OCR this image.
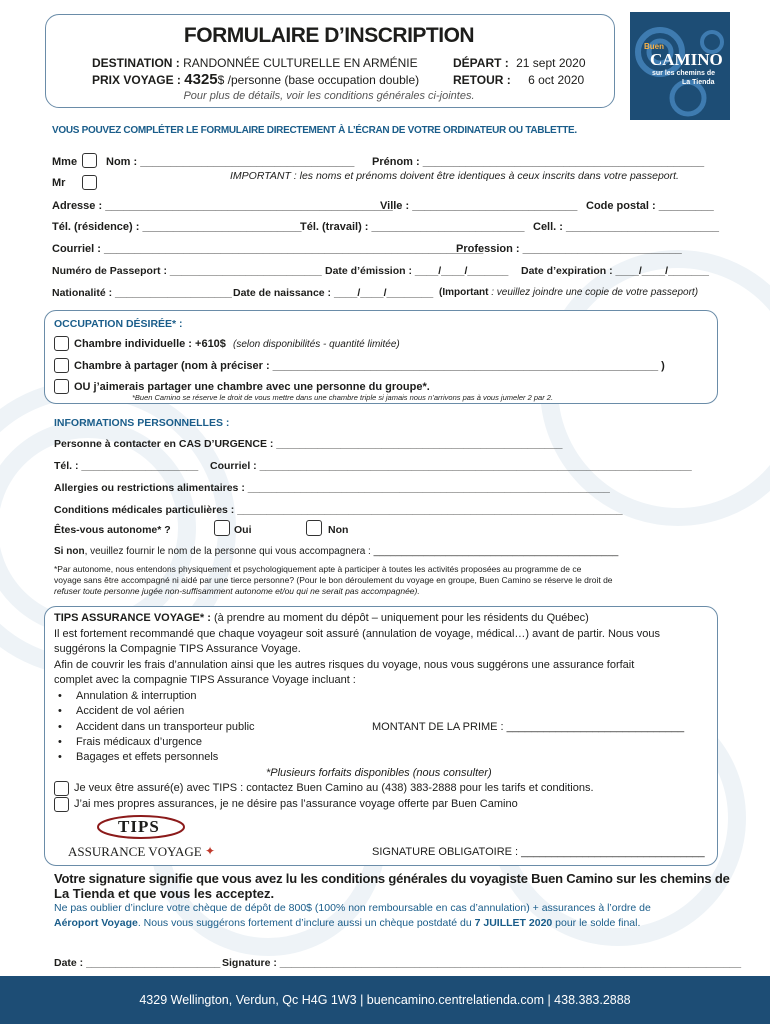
FORMULAIRE D’INSCRIPTION
DESTINATION : RANDONNÉE CULTURELLE EN ARMÉNIE
PRIX VOYAGE : 4325$ /personne (base occupation double)
DÉPART : 21 sept 2020
RETOUR : 6 oct 2020
Pour plus de détails, voir les conditions générales ci-jointes.
Buen
CAMINO
sur les chemins de
La Tienda
VOUS POUVEZ COMPLÉTER LE FORMULAIRE DIRECTEMENT À L’ÉCRAN DE VOTRE ORDINATEUR OU TABLETTE.
Mme
Mr
Nom : ___________________________________ Prénom : ______________________________________________
IMPORTANT : les noms et prénoms doivent être identiques à ceux inscrits dans votre passeport.
Adresse : _______________________________________________
Ville : ___________________________ Code postal : _________
Tél. (résidence) : __________________________
Tél. (travail) : _________________________ Cell. : _________________________
Courriel : ______________________________________________________________
Profession : __________________________
Numéro de Passeport : __________________________ Date d’émission : ____/____/_______ Date d’expiration : ____/____/_______
Nationalité : ____________________ Date de naissance : ____/____/________ (Important : veuillez joindre une copie de votre passeport)
OCCUPATION DÉSIRÉE* :
Chambre individuelle : +610$ (selon disponibilités - quantité limitée)
Chambre à partager (nom à préciser : _______________________________________________________________ )
OU j’aimerais partager une chambre avec une personne du groupe*.
*Buen Camino se réserve le droit de vous mettre dans une chambre triple si jamais nous n’arrivons pas à vous jumeler 2 par 2.
INFORMATIONS PERSONNELLES :
Personne à contacter en CAS D’URGENCE : _________________________________________________
Tél. : ____________________ Courriel : __________________________________________________________________________
Allergies ou restrictions alimentaires : ______________________________________________________________
Conditions médicales particulières : __________________________________________________________________
Êtes-vous autonome* ?	Oui	Non
Si non, veuillez fournir le nom de la personne qui vous accompagnera : ____________________________________________
*Par autonome, nous entendons physiquement et psychologiquement apte à participer à toutes les activités proposées au programme de ce
voyage sans être accompagné ni aidé par une tierce personne? (Pour le bon déroulement du voyage en groupe, Buen Camino se réserve le droit de
refuser toute personne jugée non-suffisamment autonome et/ou qui ne serait pas accompagnée).
TIPS ASSURANCE VOYAGE* : (à prendre au moment du dépôt – uniquement pour les résidents du Québec)
Il est fortement recommandé que chaque voyageur soit assuré (annulation de voyage, médical…) avant de partir. Nous vous
suggérons la Compagnie TIPS Assurance Voyage.
Afin de couvrir les frais d’annulation ainsi que les autres risques du voyage, nous vous suggérons une assurance forfait
complet avec la compagnie TIPS Assurance Voyage incluant :
• Annulation & interruption
• Accident de vol aérien
• Accident dans un transporteur public
• Frais médicaux d’urgence
• Bagages et effets personnels
MONTANT DE LA PRIME : _____________________________
*Plusieurs forfaits disponibles (nous consulter)
Je veux être assuré(e) avec TIPS : contactez Buen Camino au (438) 383-2888 pour les tarifs et conditions.
J’ai mes propres assurances, je ne désire pas l’assurance voyage offerte par Buen Camino
TIPS
ASSURANCE VOYAGE ✦	SIGNATURE OBLIGATOIRE : ______________________________
Votre signature signifie que vous avez lu les conditions générales du voyagiste Buen Camino sur les chemins de
La Tienda et que vous les acceptez.
Ne pas oublier d’inclure votre chèque de dépôt de 800$ (100% non remboursable en cas d’annulation) + assurances à l’ordre de
Aéroport Voyage. Nous vous suggérons fortement d’inclure aussi un chèque postdaté du 7 JUILLET 2020 pour le solde final.
Date : _______________________ Signature : _______________________________________________________________________________
4329 Wellington, Verdun, Qc H4G 1W3 | buencamino.centrelatienda.com | 438.383.2888
